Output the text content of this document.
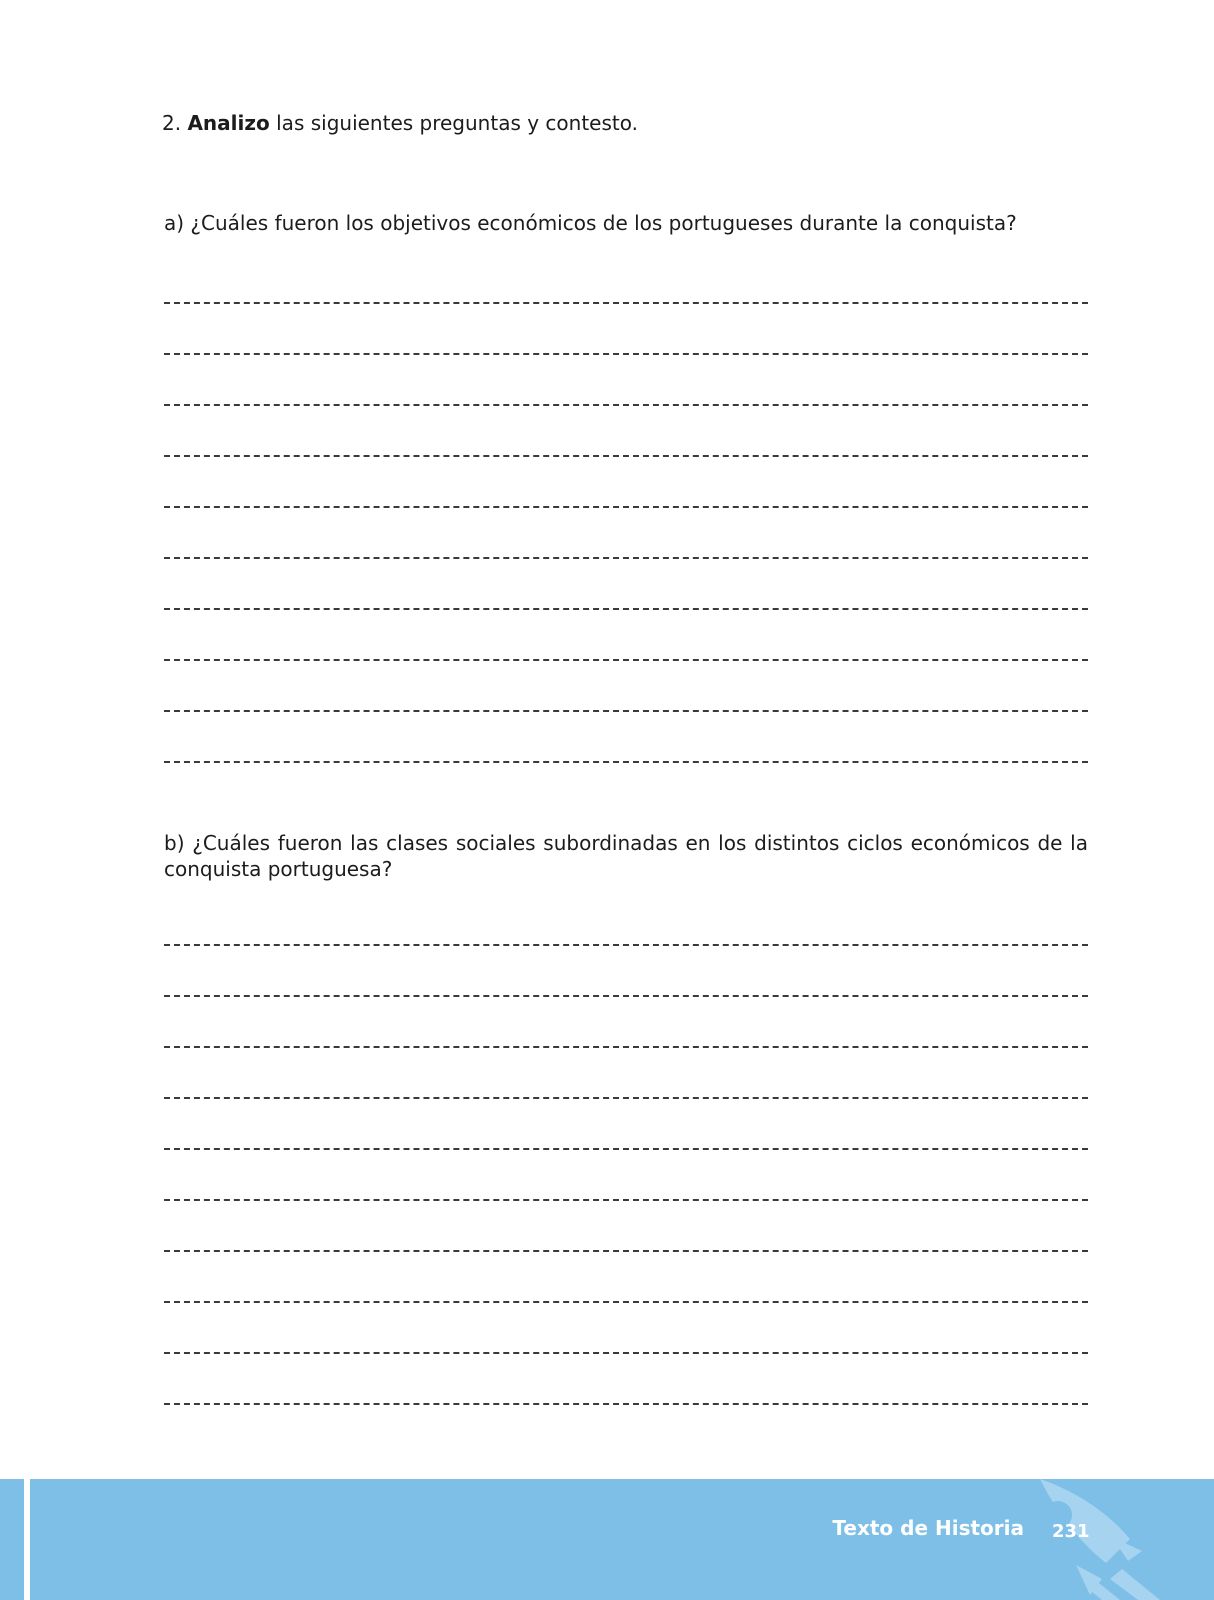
2. Analizo las siguientes preguntas y contesto.
a) ¿Cuáles fueron los objetivos económicos de los portugueses durante la conquista?
b) ¿Cuáles fueron las clases sociales subordinadas en los distintos ciclos económicos de la conquista portuguesa?
Texto de Historia 231
